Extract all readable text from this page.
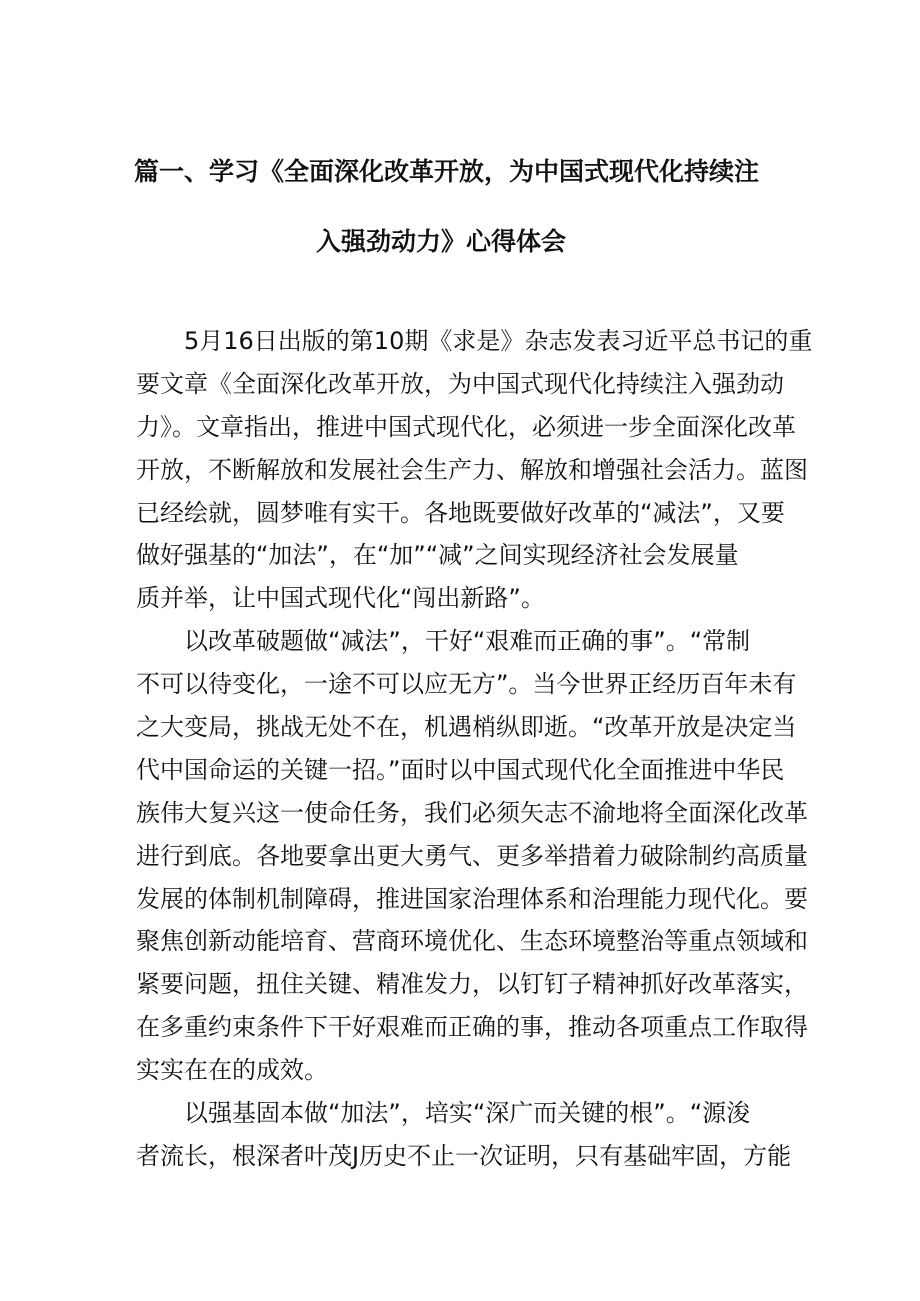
篇一、学习《全面深化改革开放，为中国式现代化持续注
入强劲动力》心得体会
5月16日出版的第10期《求是》杂志发表习近平总书记的重
要文章《全面深化改革开放，为中国式现代化持续注入强劲动
力》。文章指出，推进中国式现代化，必须进一步全面深化改革
开放，不断解放和发展社会生产力、解放和增强社会活力。蓝图
已经绘就，圆梦唯有实干。各地既要做好改革的“减法”，又要
做好强基的“加法”，在“加”“减”之间实现经济社会发展量
质并举，让中国式现代化“闯出新路”。
以改革破题做“减法”，干好“艰难而正确的事”。“常制
不可以待变化，一途不可以应无方”。当今世界正经历百年未有
之大变局，挑战无处不在，机遇梢纵即逝。“改革开放是决定当
代中国命运的关键一招。”面时以中国式现代化全面推进中华民
族伟大复兴这一使命任务，我们必须矢志不渝地将全面深化改革
进行到底。各地要拿出更大勇气、更多举措着力破除制约高质量
发展的体制机制障碍，推进国家治理体系和治理能力现代化。要
聚焦创新动能培育、营商环境优化、生态环境整治等重点领域和
紧要问题，扭住关键、精准发力，以钉钉子精神抓好改革落实，
在多重约束条件下干好艰难而正确的事，推动各项重点工作取得
实实在在的成效。
以强基固本做“加法”，培实“深广而关键的根”。“源浚
者流长，根深者叶茂J历史不止一次证明，只有基础牢固，方能
